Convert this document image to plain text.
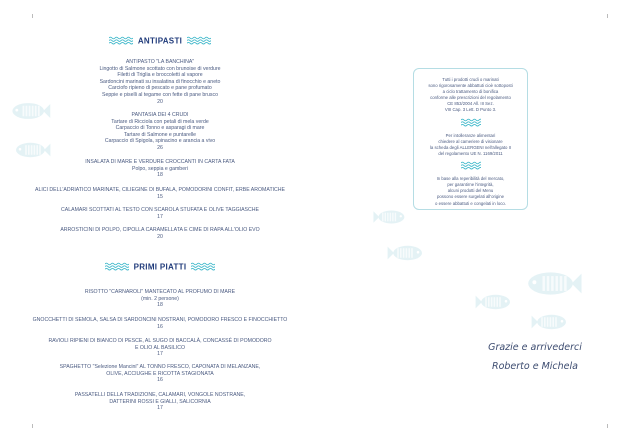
ANTIPASTI
PRIMI PIATTI
ANTIPASTO "LA BANCHINA"
Lingotto di Salmone scottato con brunoise di verdure
Filetti di Triglia e broccoletti al vapore
Sardoncini marinati su insalatina di finocchio e aneto
Carciofo ripieno di pescato e pane profumato
Seppie e piselli al tegame con fette di pane brusco
20
PANTASIA DEI 4 CRUDI
Tartare di Ricciola con petali di mela verde
Carpaccio di Tonno e asparagi di mare
Tartare di Salmone e puntarelle
Carpaccio di Spigola, spinacino e arancia a vivo
26
INSALATA DI MARE E VERDURE CROCCANTI IN CARTA FATA
Polpo, seppia e gamberi
18
ALICI DELL'ADRIATICO MARINATE, CILIEGINE DI BUFALA, POMODORINI CONFIT, ERBE AROMATICHE
15
CALAMARI SCOTTATI AL TESTO CON SCAROLA STUFATA E OLIVE TAGGIASCHE
17
ARROSTICINI DI POLPO, CIPOLLA CARAMELLATA E CIME DI RAPA ALL'OLIO EVO
20
RISOTTO "CARNAROLI" MANTECATO AL PROFUMO DI MARE
(min. 2 persone)
18
GNOCCHETTI DI SEMOLA, SALSA DI SARDONCINI NOSTRANI, POMODORO FRESCO E FINOCCHIETTO
16
RAVIOLI RIPIENI DI BIANCO DI PESCE, AL SUGO DI BACCALÀ, CONCASSÉ DI POMODORO
E OLIO AL BASILICO
17
SPAGHETTO "Selezione Mancini" AL TONNO FRESCO, CAPONATA DI MELANZANE,
OLIVE, ACCIUGHE E RICOTTA STAGIONATA
16
PASSATELLI DELLA TRADIZIONE, CALAMARI, VONGOLE NOSTRANE,
DATTERINI ROSSI E GIALLI, SALICORNIA
17

Tutti i prodotti crudi o marinati
sono rigorosamente abbattuti cioè sottoposti
a ciclo trattamento di bonifica
conforme alle prescrizioni del regolamento
CE 853/2004 All. III Sez.
VIII Cap. 3 Lett. D Punto 3.

Per intolleranze alimentari
chiedere al cameriere di visionare
la scheda degli ALLERGENI nell'allegato II
del regolamento UE N. 1169/2011

In base alla reperibilità del mercato,
per garantirne l'integrità,
alcuni prodotti del Menu
possono essere surgelati all'origine
o essere abbattuti e congelati in loco.

Grazie e arrivederci
Roberto e Michela
